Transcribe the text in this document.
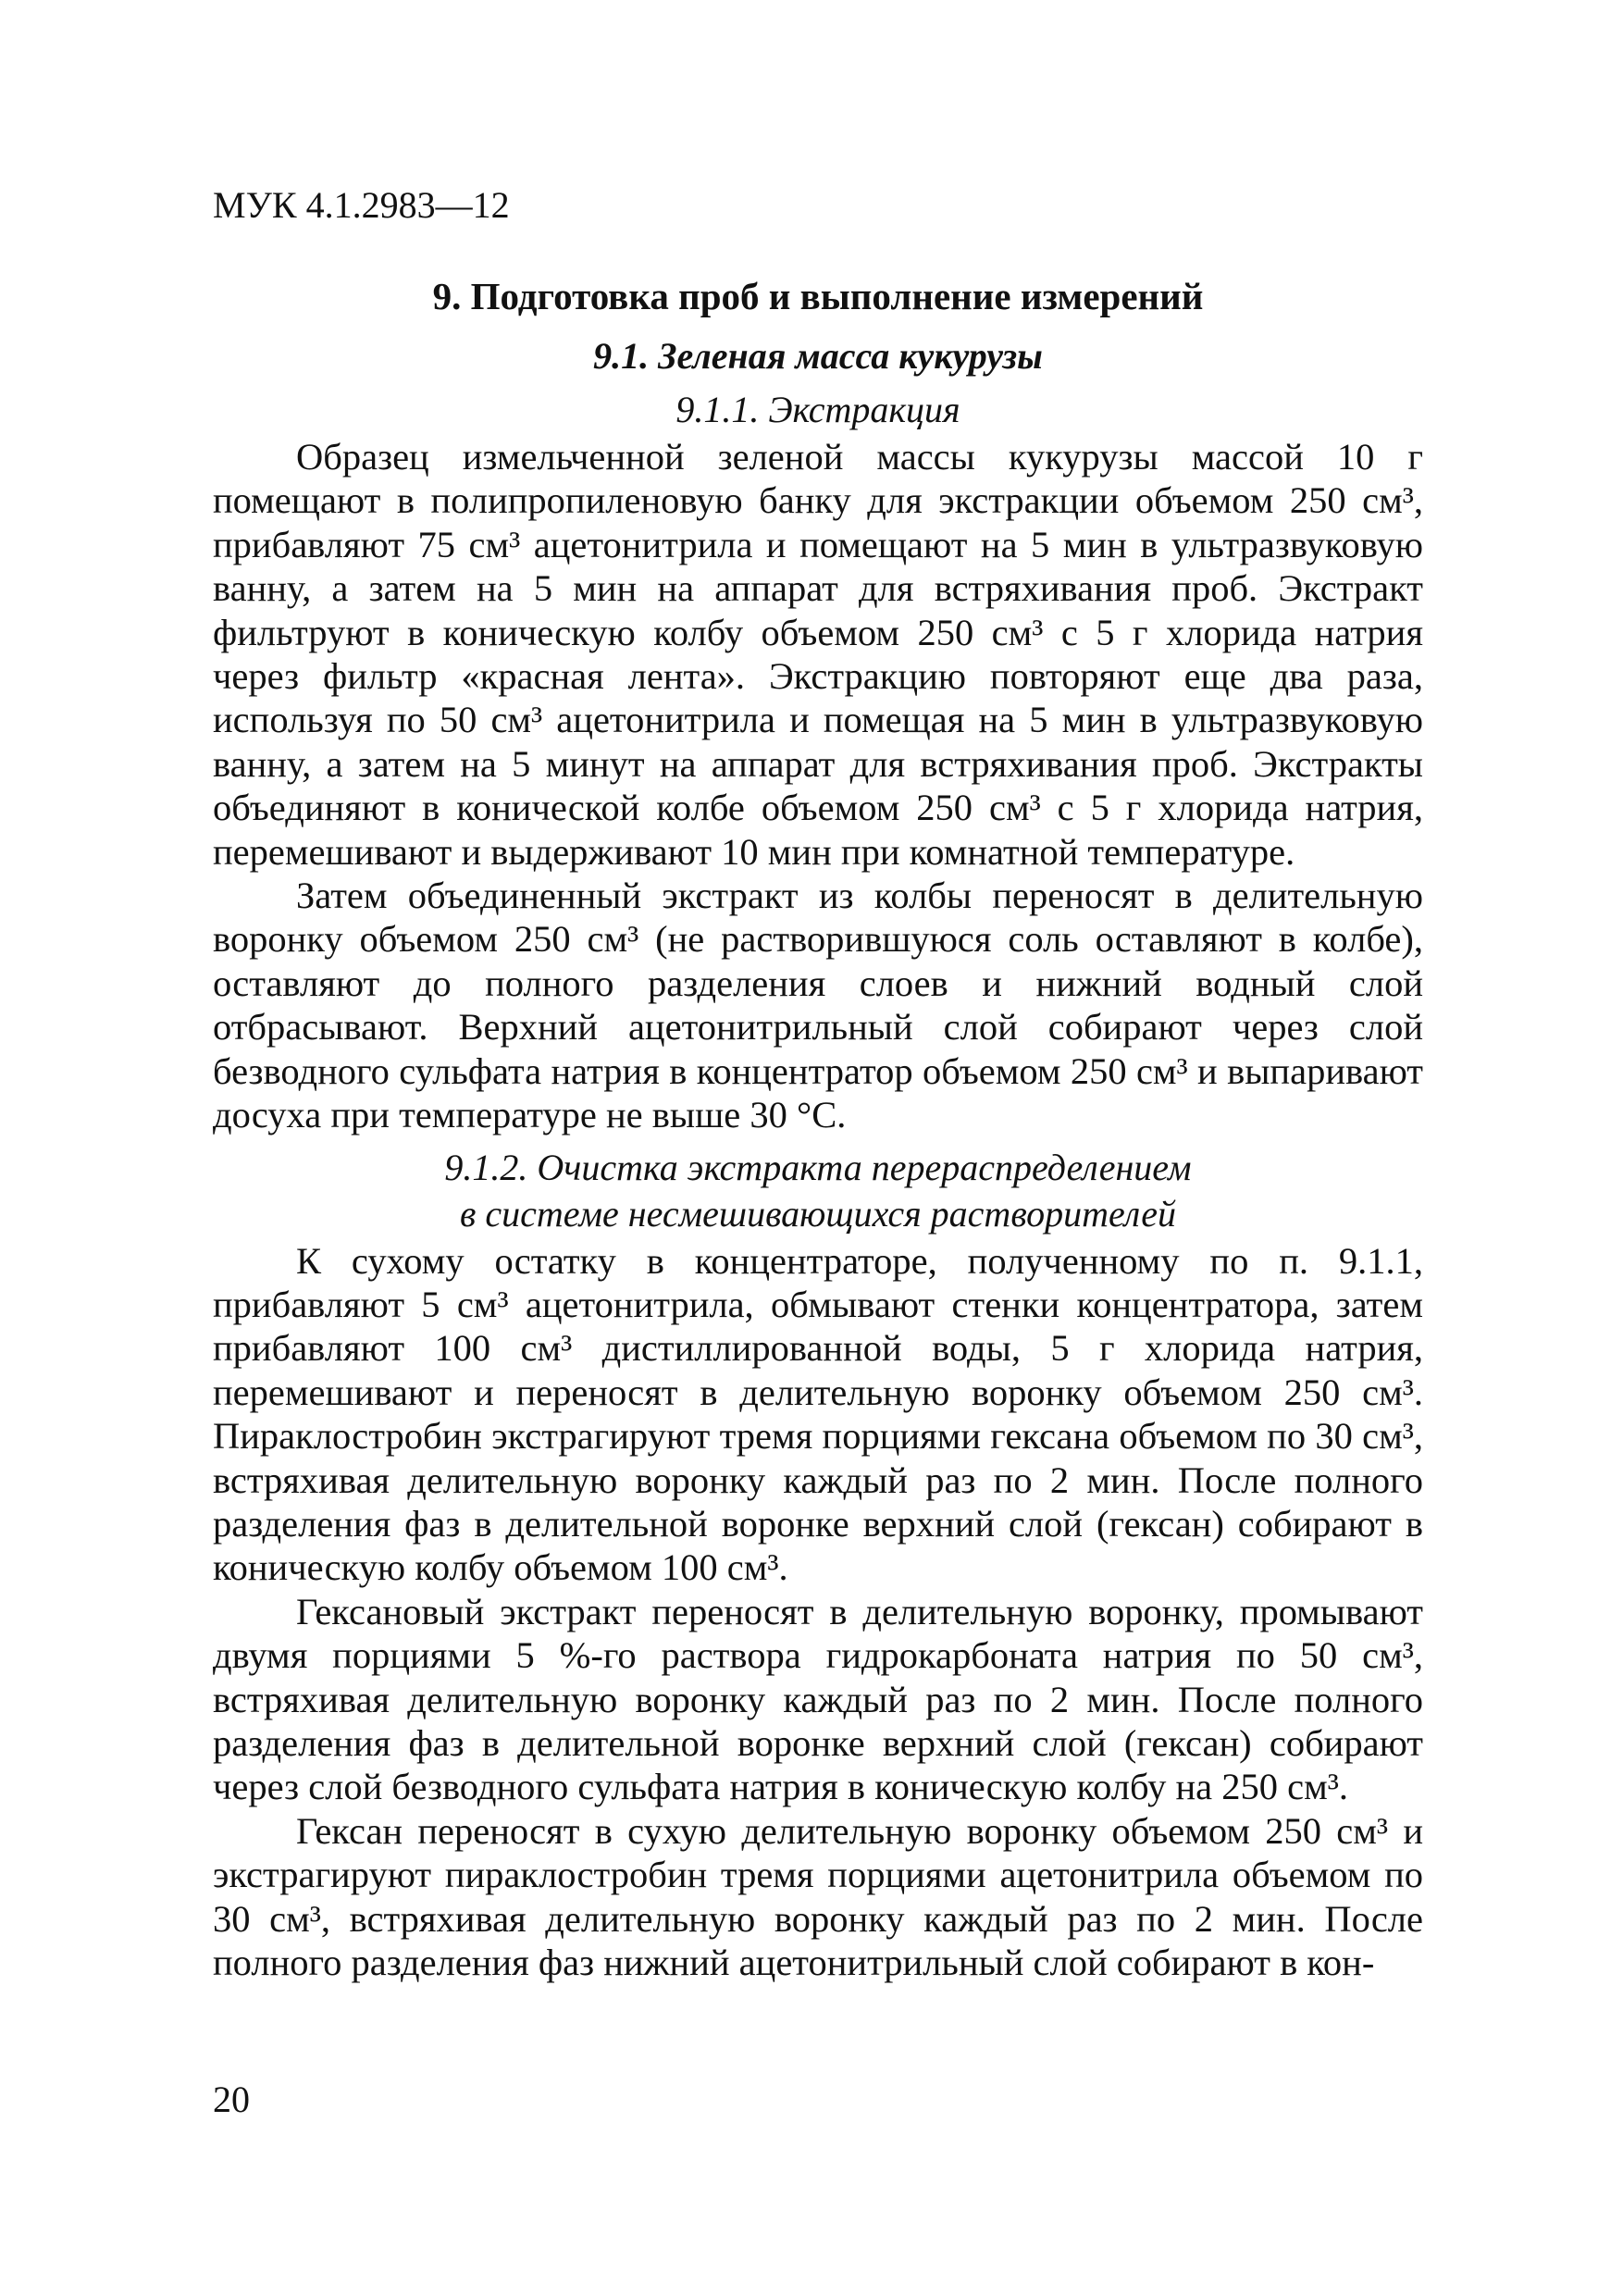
МУК 4.1.2983—12
9. Подготовка проб и выполнение измерений
9.1. Зеленая масса кукурузы
9.1.1. Экстракция

Образец измельченной зеленой массы кукурузы массой 10 г помещают в полипропиленовую банку для экстракции объемом 250 см³, прибавляют 75 см³ ацетонитрила и помещают на 5 мин в ультразвуковую ванну, а затем на 5 мин на аппарат для встряхивания проб. Экстракт фильтруют в коническую колбу объемом 250 см³ с 5 г хлорида натрия через фильтр «красная лента». Экстракцию повторяют еще два раза, используя по 50 см³ ацетонитрила и помещая на 5 мин в ультразвуковую ванну, а затем на 5 минут на аппарат для встряхивания проб. Экстракты объединяют в конической колбе объемом 250 см³ с 5 г хлорида натрия, перемешивают и выдерживают 10 мин при комнатной температуре.

Затем объединенный экстракт из колбы переносят в делительную воронку объемом 250 см³ (не растворившуюся соль оставляют в колбе), оставляют до полного разделения слоев и нижний водный слой отбрасывают. Верхний ацетонитрильный слой собирают через слой безводного сульфата натрия в концентратор объемом 250 см³ и выпаривают досуха при температуре не выше 30 °С.

9.1.2. Очистка экстракта перераспределением
в системе несмешивающихся растворителей

К сухому остатку в концентраторе, полученному по п. 9.1.1, прибавляют 5 см³ ацетонитрила, обмывают стенки концентратора, затем прибавляют 100 см³ дистиллированной воды, 5 г хлорида натрия, перемешивают и переносят в делительную воронку объемом 250 см³. Пираклостробин экстрагируют тремя порциями гексана объемом по 30 см³, встряхивая делительную воронку каждый раз по 2 мин. После полного разделения фаз в делительной воронке верхний слой (гексан) собирают в коническую колбу объемом 100 см³.

Гексановый экстракт переносят в делительную воронку, промывают двумя порциями 5 %-го раствора гидрокарбоната натрия по 50 см³, встряхивая делительную воронку каждый раз по 2 мин. После полного разделения фаз в делительной воронке верхний слой (гексан) собирают через слой безводного сульфата натрия в коническую колбу на 250 см³.

Гексан переносят в сухую делительную воронку объемом 250 см³ и экстрагируют пираклостробин тремя порциями ацетонитрила объемом по 30 см³, встряхивая делительную воронку каждый раз по 2 мин. После полного разделения фаз нижний ацетонитрильный слой собирают в кон-

20
